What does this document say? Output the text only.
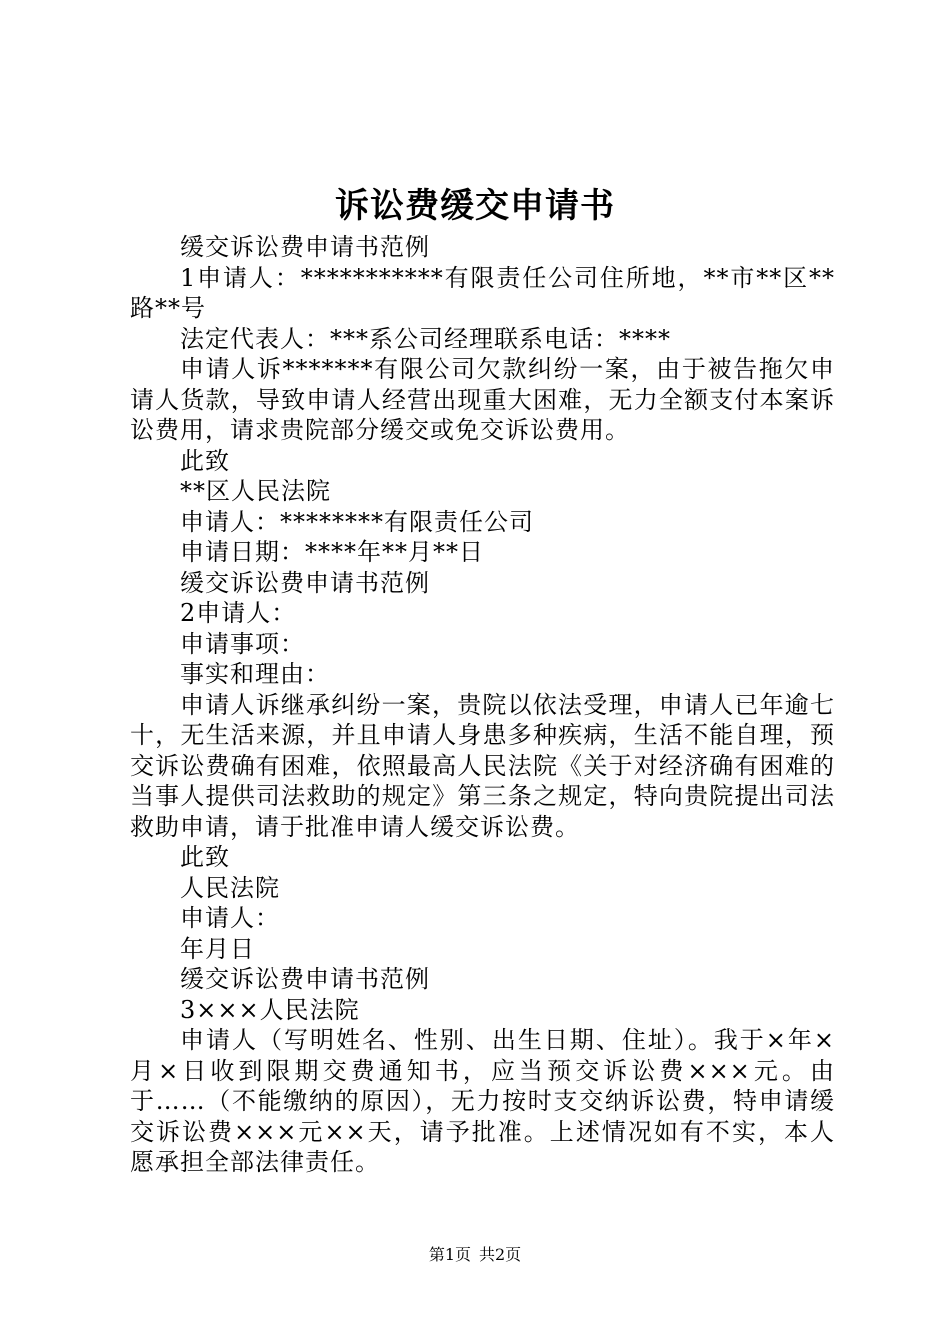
诉讼费缓交申请书

缓交诉讼费申请书范例

1申请人：***********有限责任公司住所地，**市**区**路**号

法定代表人：***系公司经理联系电话：****

申请人诉*******有限公司欠款纠纷一案，由于被告拖欠申请人货款，导致申请人经营出现重大困难，无力全额支付本案诉讼费用，请求贵院部分缓交或免交诉讼费用。

此致

**区人民法院

申请人：********有限责任公司

申请日期：****年**月**日

缓交诉讼费申请书范例

2申请人：

申请事项：

事实和理由：

申请人诉继承纠纷一案，贵院以依法受理，申请人已年逾七十，无生活来源，并且申请人身患多种疾病，生活不能自理，预交诉讼费确有困难，依照最高人民法院《关于对经济确有困难的当事人提供司法救助的规定》第三条之规定，特向贵院提出司法救助申请，请于批准申请人缓交诉讼费。

此致

人民法院

申请人：

年月日

缓交诉讼费申请书范例

3×××人民法院

申请人（写明姓名、性别、出生日期、住址）。我于×年×月×日收到限期交费通知书，应当预交诉讼费×××元。由于……（不能缴纳的原因），无力按时支交纳诉讼费，特申请缓交诉讼费×××元××天，请予批准。上述情况如有不实，本人愿承担全部法律责任。

第1页 共2页
